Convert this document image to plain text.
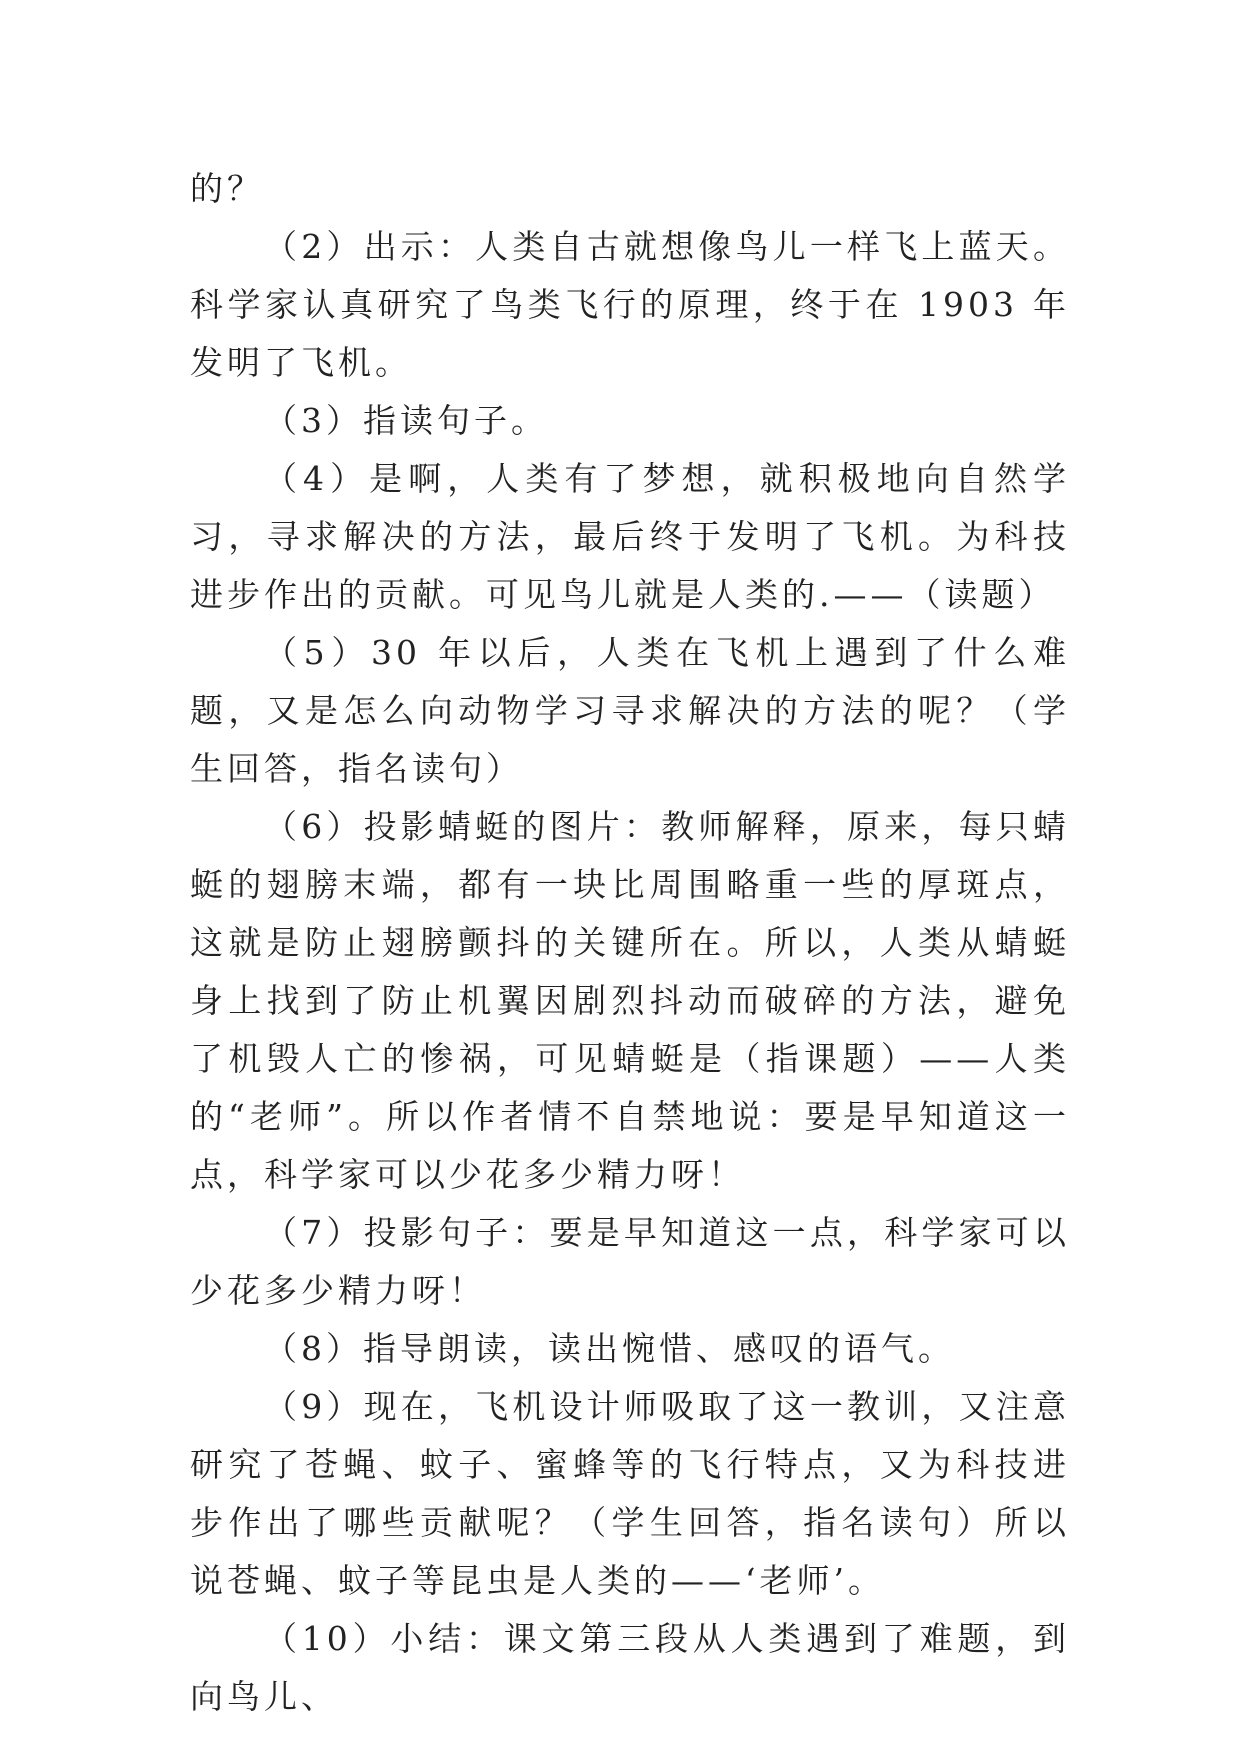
的？

（2）出示：人类自古就想像鸟儿一样飞上蓝天。科学家认真研究了鸟类飞行的原理，终于在 1903 年发明了飞机。

（3）指读句子。

（4）是啊，人类有了梦想，就积极地向自然学习，寻求解决的方法，最后终于发明了飞机。为科技进步作出的贡献。可见鸟儿就是人类的.——（读题）

（5）30 年以后，人类在飞机上遇到了什么难题，又是怎么向动物学习寻求解决的方法的呢？（学生回答，指名读句）

（6）投影蜻蜓的图片：教师解释，原来，每只蜻蜓的翅膀末端，都有一块比周围略重一些的厚斑点，这就是防止翅膀颤抖的关键所在。所以，人类从蜻蜓身上找到了防止机翼因剧烈抖动而破碎的方法，避免了机毁人亡的惨祸，可见蜻蜓是（指课题）——人类的“老师”。所以作者情不自禁地说：要是早知道这一点，科学家可以少花多少精力呀！

（7）投影句子：要是早知道这一点，科学家可以少花多少精力呀！

（8）指导朗读，读出惋惜、感叹的语气。

（9）现在，飞机设计师吸取了这一教训，又注意研究了苍蝇、蚊子、蜜蜂等的飞行特点，又为科技进步作出了哪些贡献呢？（学生回答，指名读句）所以说苍蝇、蚊子等昆虫是人类的——‘老师’。

（10）小结：课文第三段从人类遇到了难题，到向鸟儿、
